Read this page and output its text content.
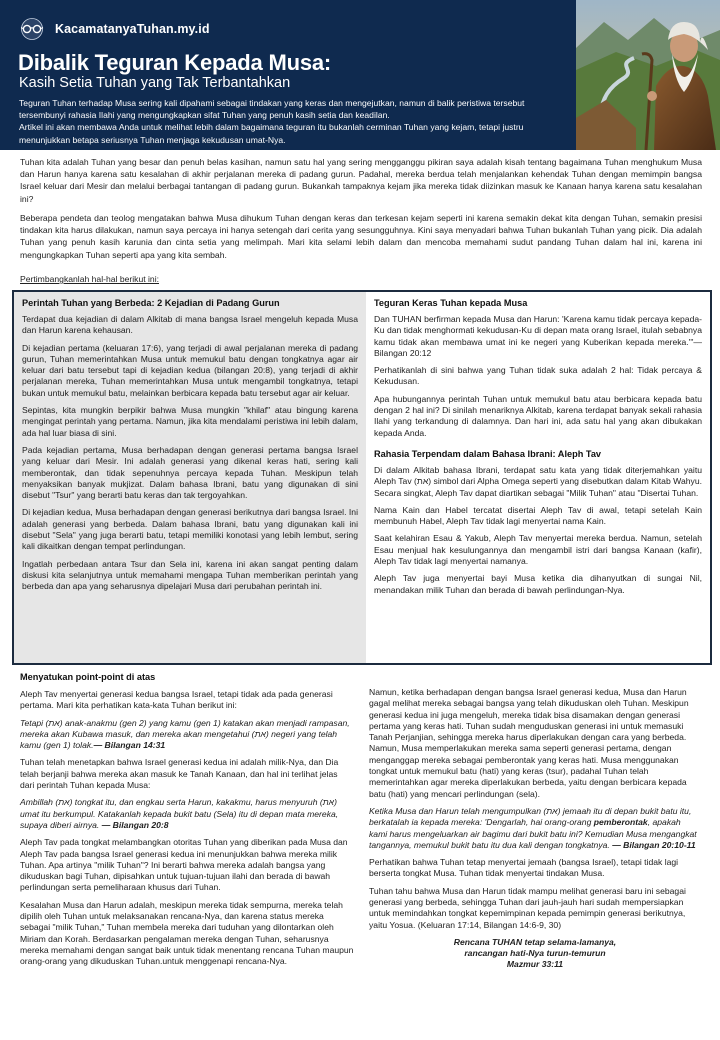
KacamatanyaTuhan.my.id
Dibalik Teguran Kepada Musa:
Kasih Setia Tuhan yang Tak Terbantahkan

Teguran Tuhan terhadap Musa sering kali dipahami sebagai tindakan yang keras dan mengejutkan, namun di balik peristiwa tersebut tersembunyi rahasia Ilahi yang mengungkapkan sifat Tuhan yang penuh kasih setia dan keadilan.

Artikel ini akan membawa Anda untuk melihat lebih dalam bagaimana teguran itu bukanlah cerminan Tuhan yang kejam, tetapi justru menunjukkan betapa seriusnya Tuhan menjaga kekudusan umat-Nya.

Tuhan kita adalah Tuhan yang besar dan penuh belas kasihan, namun satu hal yang sering mengganggu pikiran saya adalah kisah tentang bagaimana Tuhan menghukum Musa dan Harun hanya karena satu kesalahan di akhir perjalanan mereka di padang gurun. Padahal, mereka berdua telah menjalankan kehendak Tuhan dengan memimpin bangsa Israel keluar dari Mesir dan melalui berbagai tantangan di padang gurun. Bukankah tampaknya kejam jika mereka tidak diizinkan masuk ke Kanaan hanya karena satu kesalahan ini?

Beberapa pendeta dan teolog mengatakan bahwa Musa dihukum Tuhan dengan keras dan terkesan kejam seperti ini karena semakin dekat kita dengan Tuhan, semakin presisi tindakan kita harus dilakukan, namun saya percaya ini hanya setengah dari cerita yang sesungguhnya. Kini saya menyadari bahwa Tuhan bukanlah Tuhan yang picik. Dia adalah Tuhan yang penuh kasih karunia dan cinta setia yang melimpah. Mari kita selami lebih dalam dan mencoba memahami sudut pandang Tuhan dalam hal ini, karena ini mengungkapkan Tuhan seperti apa yang kita sembah.

Pertimbangkanlah hal-hal berikut ini:
Perintah Tuhan yang Berbeda: 2 Kejadian di Padang Gurun

Terdapat dua kejadian di dalam Alkitab di mana bangsa Israel mengeluh kepada Musa dan Harun karena kehausan.

Di kejadian pertama (keluaran 17:6), yang terjadi di awal perjalanan mereka di padang gurun, Tuhan memerintahkan Musa untuk memukul batu dengan tongkatnya agar air keluar dari batu tersebut tapi di kejadian kedua (bilangan 20:8), yang terjadi di akhir perjalanan mereka, Tuhan memerintahkan Musa untuk mengambil tongkatnya, tetapi bukan untuk memukul batu, melainkan berbicara kepada batu tersebut agar air keluar.

Sepintas, kita mungkin berpikir bahwa Musa mungkin "khilaf" atau bingung karena mengingat perintah yang pertama. Namun, jika kita mendalami peristiwa ini lebih dalam, ada hal luar biasa di sini.

Pada kejadian pertama, Musa berhadapan dengan generasi pertama bangsa Israel yang keluar dari Mesir. Ini adalah generasi yang dikenal keras hati, sering kali memberontak, dan tidak sepenuhnya percaya kepada Tuhan. Meskipun telah menyaksikan banyak mukjizat. Dalam bahasa Ibrani, batu yang digunakan di sini disebut "Tsur" yang berarti batu keras dan tak tergoyahkan.

Di kejadian kedua, Musa berhadapan dengan generasi berikutnya dari bangsa Israel. Ini adalah generasi yang berbeda. Dalam bahasa Ibrani, batu yang digunakan kali ini disebut "Sela" yang juga berarti batu, tetapi memiliki konotasi yang lebih lembut, sering kali dikaitkan dengan tempat perlindungan.

Ingatlah perbedaan antara Tsur dan Sela ini, karena ini akan sangat penting dalam diskusi kita selanjutnya untuk memahami mengapa Tuhan memberikan perintah yang berbeda dan apa yang seharusnya dipelajari Musa dari perubahan perintah ini.

Teguran Keras Tuhan kepada Musa

Dan TUHAN berfirman kepada Musa dan Harun: 'Karena kamu tidak percaya kepada-Ku dan tidak menghormati kekudusan-Ku di depan mata orang Israel, itulah sebabnya kamu tidak akan membawa umat ini ke negeri yang Kuberikan kepada mereka.'"— Bilangan 20:12

Perhatikanlah di sini bahwa yang Tuhan tidak suka adalah 2 hal: Tidak percaya & Kekudusan.

Apa hubungannya perintah Tuhan untuk memukul batu atau berbicara kepada batu dengan 2 hal ini? Di sinilah menariknya Alkitab, karena terdapat banyak sekali rahasia Ilahi yang terkandung di dalamnya. Dan hari ini, ada satu hal yang akan dibukakan kepada Anda.

Rahasia Terpendam dalam Bahasa Ibrani: Aleph Tav

Di dalam Alkitab bahasa Ibrani, terdapat satu kata yang tidak diterjemahkan yaitu Aleph Tav (את) simbol dari Alpha Omega seperti yang disebutkan dalam Kitab Wahyu. Secara singkat, Aleph Tav dapat diartikan sebagai "Milik Tuhan" atau "Disertai Tuhan.

Nama Kain dan Habel tercatat disertai Aleph Tav di awal, tetapi setelah Kain membunuh Habel, Aleph Tav tidak lagi menyertai nama Kain.

Saat kelahiran Esau & Yakub, Aleph Tav menyertai mereka berdua. Namun, setelah Esau menjual hak kesulungannya dan mengambil istri dari bangsa Kanaan (kafir), Aleph Tav tidak lagi menyertai namanya.

Aleph Tav juga menyertai bayi Musa ketika dia dihanyutkan di sungai Nil, menandakan milik Tuhan dan berada di bawah perlindungan-Nya.

Menyatukan point-point di atas

Aleph Tav menyertai generasi kedua bangsa Israel, tetapi tidak ada pada generasi pertama. Mari kita perhatikan kata-kata Tuhan berikut ini:

Tetapi (את) anak-anakmu (gen 2) yang kamu (gen 1) katakan akan menjadi rampasan, mereka akan Kubawa masuk, dan mereka akan mengetahui (את) negeri yang telah kamu (gen 1) tolak.— Bilangan 14:31

Tuhan telah menetapkan bahwa Israel generasi kedua ini adalah milik-Nya, dan Dia telah berjanji bahwa mereka akan masuk ke Tanah Kanaan, dan hal ini terlihat jelas dari perintah Tuhan kepada Musa:

Ambillah (את) tongkat itu, dan engkau serta Harun, kakakmu, harus menyuruh (את) umat itu berkumpul. Katakanlah kepada bukit batu (Sela) itu di depan mata mereka, supaya diberi airnya. — Bilangan 20:8

Aleph Tav pada tongkat melambangkan otoritas Tuhan yang diberikan pada Musa dan Aleph Tav pada bangsa Israel generasi kedua ini menunjukkan bahwa mereka milik Tuhan. Apa artinya "milik Tuhan"? Ini berarti bahwa mereka adalah bangsa yang dikuduskan bagi Tuhan, dipisahkan untuk tujuan-tujuan ilahi dan berada di bawah perlindungan serta pemeliharaan khusus dari Tuhan.

Kesalahan Musa dan Harun adalah, meskipun mereka tidak sempurna, mereka telah dipilih oleh Tuhan untuk melaksanakan rencana-Nya, dan karena status mereka sebagai "milik Tuhan," Tuhan membela mereka dari tuduhan yang dilontarkan oleh Miriam dan Korah. Berdasarkan pengalaman mereka dengan Tuhan, seharusnya mereka memahami dengan sangat baik untuk tidak menentang rencana Tuhan maupun orang-orang yang dikuduskan Tuhan.untuk menggenapi rencana-Nya.

Namun, ketika berhadapan dengan bangsa Israel generasi kedua, Musa dan Harun gagal melihat mereka sebagai bangsa yang telah dikuduskan oleh Tuhan. Meskipun generasi kedua ini juga mengeluh, mereka tidak bisa disamakan dengan generasi pertama yang keras hati. Tuhan sudah menguduskan generasi ini untuk memasuki Tanah Perjanjian, sehingga mereka harus diperlakukan dengan cara yang berbeda. Namun, Musa memperlakukan mereka sama seperti generasi pertama, dengan menganggap mereka sebagai pemberontak yang keras hati. Musa menggunakan tongkat untuk memukul batu (hati) yang keras (tsur), padahal Tuhan telah memerintahkan agar mereka diperlakukan berbeda, yaitu dengan berbicara kepada batu (hati) yang mencari perlindungan (sela).

Ketika Musa dan Harun telah mengumpulkan (את) jemaah itu di depan bukit batu itu, berkatalah ia kepada mereka: 'Dengarlah, hai orang-orang pemberontak, apakah kami harus mengeluarkan air bagimu dari bukit batu ini? Kemudian Musa mengangkat tangannya, memukul bukit batu itu dua kali dengan tongkatnya. — Bilangan 20:10-11

Perhatikan bahwa Tuhan tetap menyertai jemaah (bangsa Israel), tetapi tidak lagi berserta tongkat Musa. Tuhan tidak menyertai tindakan Musa.

Tuhan tahu bahwa Musa dan Harun tidak mampu melihat generasi baru ini sebagai generasi yang berbeda, sehingga Tuhan dari jauh-jauh hari sudah mempersiapkan untuk memindahkan tongkat kepemimpinan kepada pemimpin generasi berikutnya, yaitu Yosua. (Keluaran 17:14, Bilangan 14:6-9, 30)

Rencana TUHAN tetap selama-lamanya,
rancangan hati-Nya turun-temurun
Mazmur 33:11
